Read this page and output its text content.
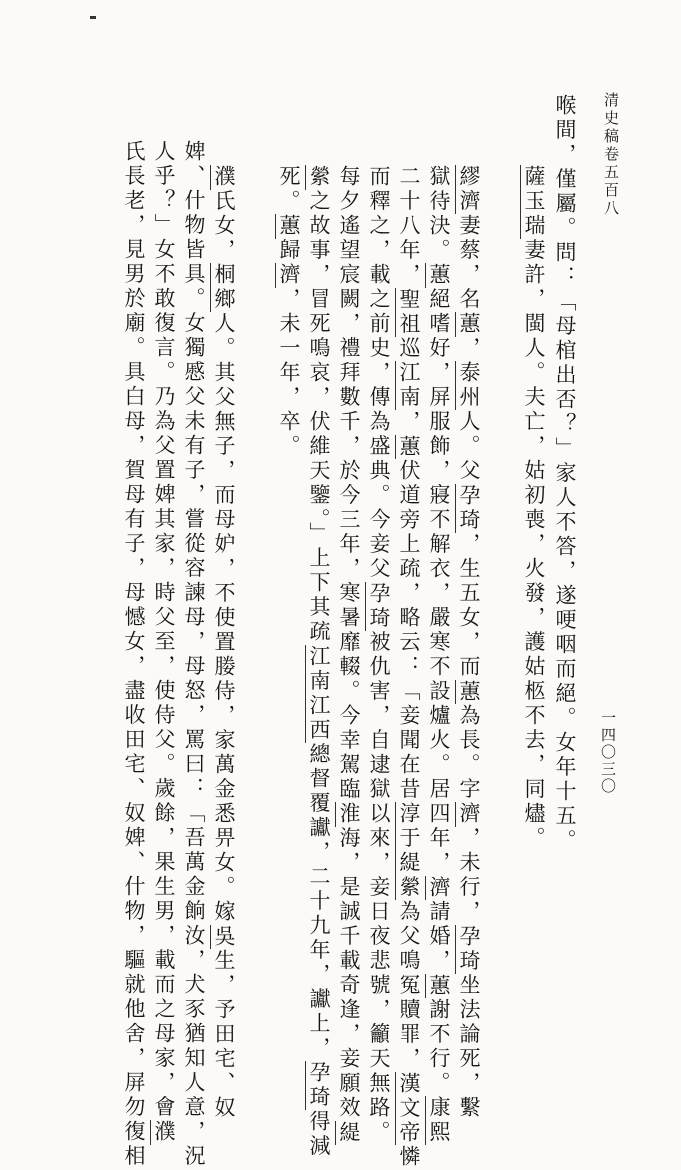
清史稿卷五百八
一四〇三〇
喉間，僅屬。問：「母棺出否？」家人不答，遂哽咽而絕。女年十五。
薩玉瑞妻許，閩人。夫亡，姑初喪，火發，護姑柩不去，同燼。
繆濟妻蔡，名蕙，泰州人。父孕琦，生五女，而蕙為長。字濟，未行，孕琦坐法論死，繫
獄待決。蕙絕嗜好，屏服飾，寢不解衣，嚴寒不設爐火。居四年，濟請婚，蕙謝不行。康熙
二十八年，聖祖巡江南，蕙伏道旁上疏，略云：「妾聞在昔淳于緹縈為父鳴冤贖罪，漢文帝憐
而釋之，載之前史，傳為盛典。今妾父孕琦被仇害，自逮獄以來，妾日夜悲號，籲天無路。
每夕遙望宸闕，禮拜數千，於今三年，寒暑靡輟。今幸駕臨淮海，是誠千載奇逢，妾願效緹
縈之故事，冒死鳴哀，伏維天鑒。」上下其疏江南江西總督覆讞，二十九年，讞上，孕琦得減
死。蕙歸濟，未一年，卒。
濮氏女，桐鄉人。其父無子，而母妒，不使置媵侍，家萬金悉畀女。嫁吳生，予田宅、奴
婢、什物皆具。女獨慼父未有子，嘗從容諫母，母怒，罵曰：「吾萬金餉汝，犬豕猶知人意，況
人乎？」女不敢復言。乃為父置婢其家，時父至，使侍父。歲餘，果生男，載而之母家，會濮
氏長老，見男於廟。具白母，賀母有子，母憾女，盡收田宅、奴婢、什物，驅就他舍，屏勿復相
